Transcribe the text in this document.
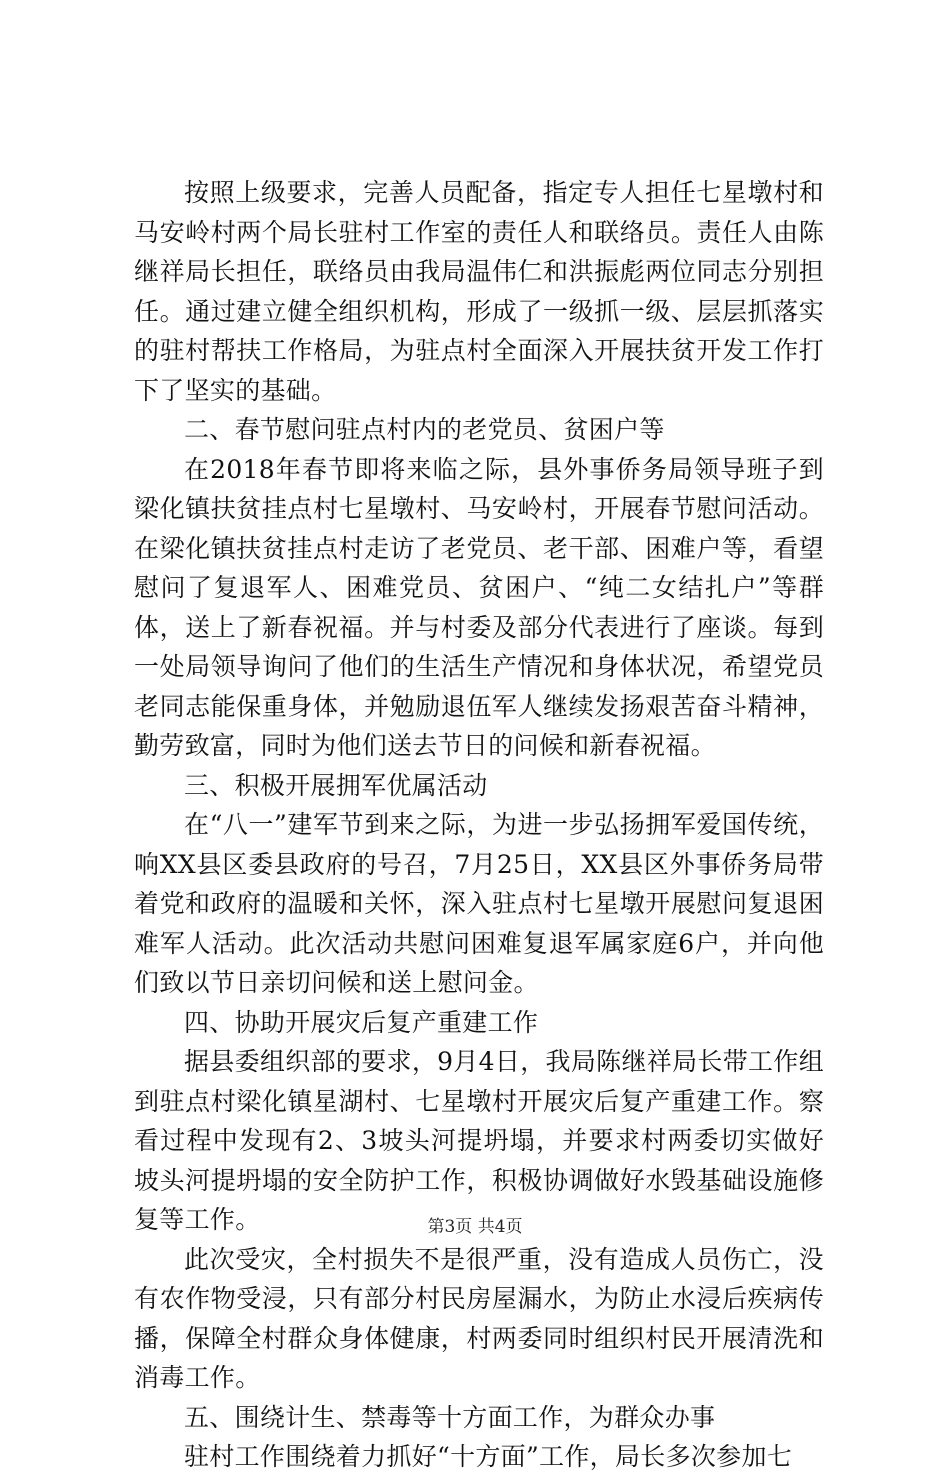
按照上级要求，完善人员配备，指定专人担任七星墩村和马安岭村两个局长驻村工作室的责任人和联络员。责任人由陈继祥局长担任，联络员由我局温伟仁和洪振彪两位同志分别担任。通过建立健全组织机构，形成了一级抓一级、层层抓落实的驻村帮扶工作格局，为驻点村全面深入开展扶贫开发工作打下了坚实的基础。

二、春节慰问驻点村内的老党员、贫困户等

在2018年春节即将来临之际，县外事侨务局领导班子到梁化镇扶贫挂点村七星墩村、马安岭村，开展春节慰问活动。在梁化镇扶贫挂点村走访了老党员、老干部、困难户等，看望慰问了复退军人、困难党员、贫困户、“纯二女结扎户”等群体，送上了新春祝福。并与村委及部分代表进行了座谈。每到一处局领导询问了他们的生活生产情况和身体状况，希望党员老同志能保重身体，并勉励退伍军人继续发扬艰苦奋斗精神，勤劳致富，同时为他们送去节日的问候和新春祝福。

三、积极开展拥军优属活动

在“八一”建军节到来之际，为进一步弘扬拥军爱国传统，响XX县区委县政府的号召，7月25日，XX县区外事侨务局带着党和政府的温暖和关怀，深入驻点村七星墩开展慰问复退困难军人活动。此次活动共慰问困难复退军属家庭6户，并向他们致以节日亲切问候和送上慰问金。

四、协助开展灾后复产重建工作

据县委组织部的要求，9月4日，我局陈继祥局长带工作组到驻点村梁化镇星湖村、七星墩村开展灾后复产重建工作。察看过程中发现有2、3坡头河提坍塌，并要求村两委切实做好坡头河提坍塌的安全防护工作，积极协调做好水毁基础设施修复等工作。

此次受灾，全村损失不是很严重，没有造成人员伤亡，没有农作物受浸，只有部分村民房屋漏水，为防止水浸后疾病传播，保障全村群众身体健康，村两委同时组织村民开展清洗和消毒工作。

五、围绕计生、禁毒等十方面工作，为群众办事

驻村工作围绕着力抓好“十方面”工作，局长多次参加七

第3页 共4页
